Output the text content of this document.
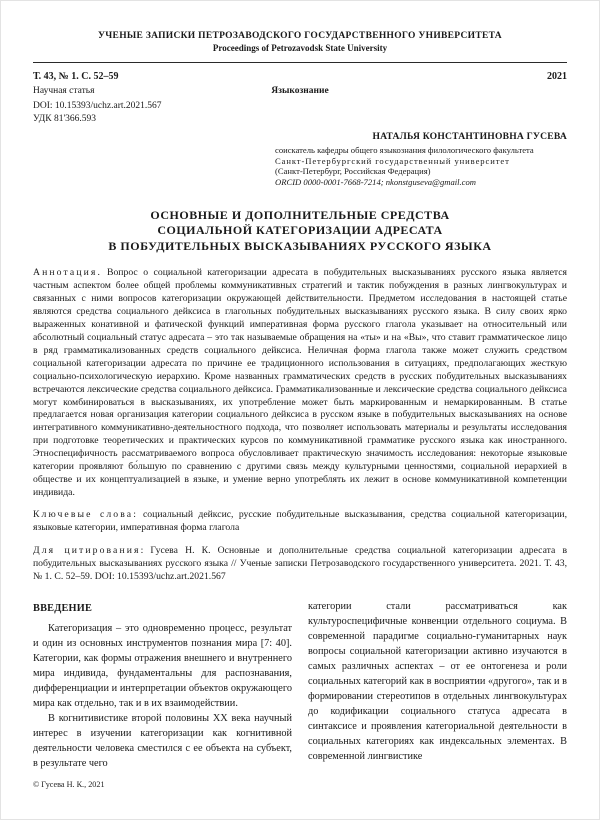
УЧЕНЫЕ ЗАПИСКИ ПЕТРОЗАВОДСКОГО ГОСУДАРСТВЕННОГО УНИВЕРСИТЕТА
Proceedings of Petrozavodsk State University
Т. 43, № 1. С. 52–59	2021
Научная статья	Языкознание
DOI: 10.15393/uchz.art.2021.567
УДК 81'366.593
НАТАЛЬЯ КОНСТАНТИНОВНА ГУСЕВА
соискатель кафедры общего языкознания филологического факультета
Санкт-Петербургский государственный университет
(Санкт-Петербург, Российская Федерация)
ORCID 0000-0001-7668-7214; nkonstguseva@gmail.com
ОСНОВНЫЕ И ДОПОЛНИТЕЛЬНЫЕ СРЕДСТВА
СОЦИАЛЬНОЙ КАТЕГОРИЗАЦИИ АДРЕСАТА
В ПОБУДИТЕЛЬНЫХ ВЫСКАЗЫВАНИЯХ РУССКОГО ЯЗЫКА

Аннотация. Вопрос о социальной категоризации адресата в побудительных высказываниях русского языка является частным аспектом более общей проблемы коммуникативных стратегий и тактик побуждения в разных лингвокультурах и связанных с ними вопросов категоризации окружающей действительности. Предметом исследования в настоящей статье являются средства социального дейксиса в глагольных побудительных высказываниях русского языка. В силу своих ярко выраженных конативной и фатической функций императивная форма русского глагола указывает на относительный или абсолютный социальный статус адресата – это так называемые обращения на «ты» и на «Вы», что ставит грамматическое лицо в ряд грамматикализованных средств социального дейксиса. Неличная форма глагола также может служить средством социальной категоризации адресата по причине ее традиционного использования в ситуациях, предполагающих жесткую социально-психологическую иерархию. Кроме названных грамматических средств в русских побудительных высказываниях встречаются лексические средства социального дейксиса. Грамматикализованные и лексические средства социального дейксиса могут комбинироваться в высказываниях, их употребление может быть маркированным и немаркированным. В статье предлагается новая организация категории социального дейксиса в русском языке в побудительных высказываниях на основе интегративного коммуникативно-деятельностного подхода, что позволяет использовать материалы и результаты исследования при подготовке теоретических и практических курсов по коммуникативной грамматике русского языка как иностранного. Этноспецифичность рассматриваемого вопроса обусловливает практическую значимость исследования: некоторые языковые категории проявляют бо́льшую по сравнению с другими связь между культурными ценностями, социальной иерархией в обществе и их концептуализацией в языке, и умение верно употреблять их лежит в основе коммуникативной компетенции индивида.

Ключевые слова: социальный дейксис, русские побудительные высказывания, средства социальной категоризации, языковые категории, императивная форма глагола

Для цитирования: Гусева Н. К. Основные и дополнительные средства социальной категоризации адресата в побудительных высказываниях русского языка // Ученые записки Петрозаводского государственного университета. 2021. Т. 43, № 1. С. 52–59. DOI: 10.15393/uchz.art.2021.567

ВВЕДЕНИЕ

Категоризация – это одновременно процесс, результат и один из основных инструментов познания мира [7: 40]. Категории, как формы отражения внешнего и внутреннего мира индивида, фундаментальны для распознавания, дифференциации и интерпретации объектов окружающего мира как отдельно, так и в их взаимодействии.

В когнитивистике второй половины XX века научный интерес в изучении категоризации как когнитивной деятельности человека сместился с ее объекта на субъект, в результате чего

категории стали рассматриваться как культуроспецифичные конвенции отдельного социума. В современной парадигме социально-гуманитарных наук вопросы социальной категоризации активно изучаются в самых различных аспектах – от ее онтогенеза и роли социальных категорий как в восприятии «другого», так и в формировании стереотипов в отдельных лингвокультурах до кодификации социального статуса адресата в синтаксисе и проявления категориальной деятельности в социальных категориях как индексальных элементах. В современной лингвистике

© Гусева Н. К., 2021
